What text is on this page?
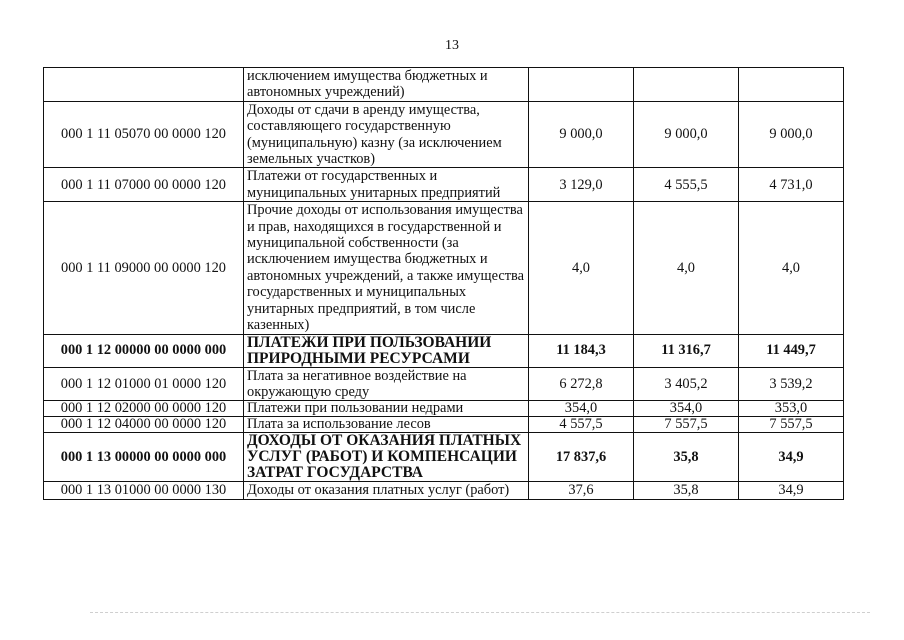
13
	исключением имущества бюджетных и автономных учреждений)			
000 1 11 05070 00 0000 120	Доходы от сдачи в аренду имущества, составляющего государственную (муниципальную) казну (за исключением земельных участков)	9 000,0	9 000,0	9 000,0
000 1 11 07000 00 0000 120	Платежи от государственных и муниципальных унитарных предприятий	3 129,0	4 555,5	4 731,0
000 1 11 09000 00 0000 120	Прочие доходы от использования имущества и прав, находящихся в государственной и муниципальной собственности (за исключением имущества бюджетных и автономных учреждений, а также имущества государственных и муниципальных унитарных предприятий, в том числе казенных)	4,0	4,0	4,0
000 1 12 00000 00 0000 000	ПЛАТЕЖИ ПРИ ПОЛЬЗОВАНИИ ПРИРОДНЫМИ РЕСУРСАМИ	11 184,3	11 316,7	11 449,7
000 1 12 01000 01 0000 120	Плата за негативное воздействие на окружающую среду	6 272,8	3 405,2	3 539,2
000 1 12 02000 00 0000 120	Платежи при пользовании недрами	354,0	354,0	353,0
000 1 12 04000 00 0000 120	Плата за использование лесов	4 557,5	7 557,5	7 557,5
000 1 13 00000 00 0000 000	ДОХОДЫ ОТ ОКАЗАНИЯ ПЛАТНЫХ УСЛУГ (РАБОТ) И КОМПЕНСАЦИИ ЗАТРАТ ГОСУДАРСТВА	17 837,6	35,8	34,9
000 1 13 01000 00 0000 130	Доходы от оказания платных услуг (работ)	37,6	35,8	34,9
